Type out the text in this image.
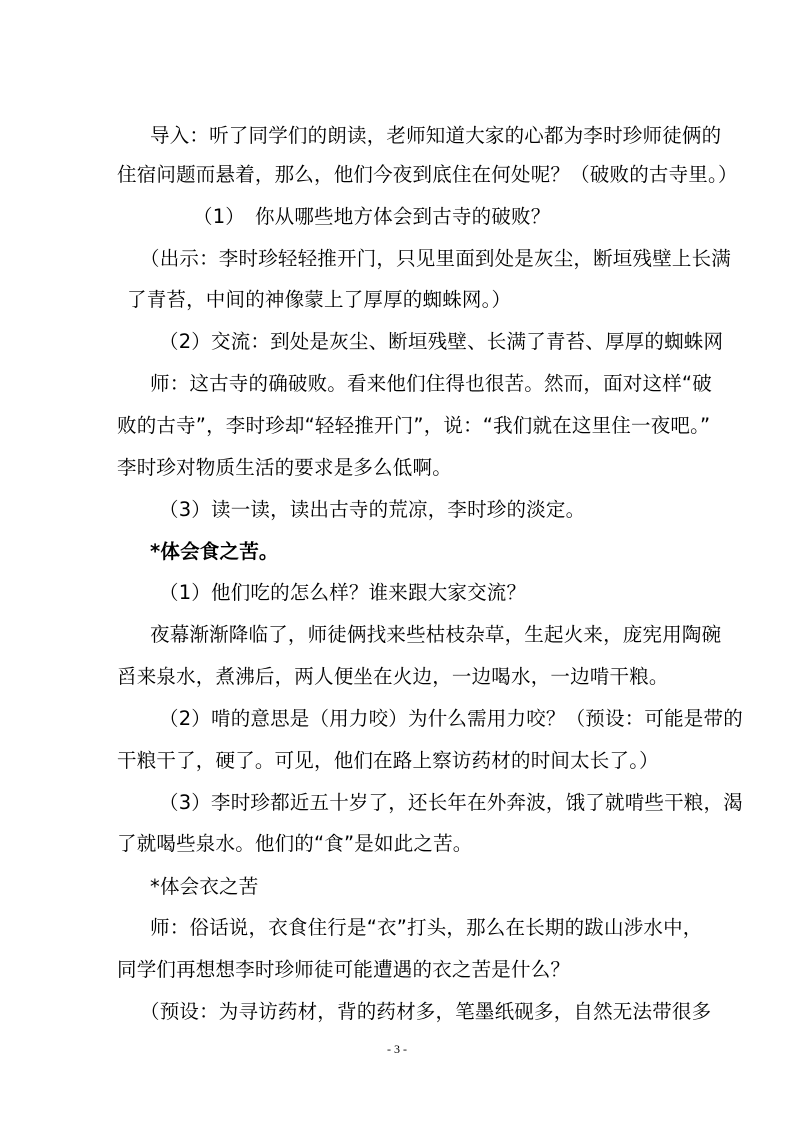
导入：听了同学们的朗读，老师知道大家的心都为李时珍师徒俩的
住宿问题而悬着，那么，他们今夜到底住在何处呢？（破败的古寺里。）
（1）　你从哪些地方体会到古寺的破败？
（出示：李时珍轻轻推开门，只见里面到处是灰尘，断垣残壁上长满
了青苔，中间的神像蒙上了厚厚的蜘蛛网。）
（2）交流：到处是灰尘、断垣残壁、长满了青苔、厚厚的蜘蛛网
师：这古寺的确破败。看来他们住得也很苦。然而，面对这样“破
败的古寺”，李时珍却“轻轻推开门”，说：“我们就在这里住一夜吧。”
李时珍对物质生活的要求是多么低啊。
（3）读一读，读出古寺的荒凉，李时珍的淡定。
*体会食之苦。
（1）他们吃的怎么样？谁来跟大家交流？
夜幕渐渐降临了，师徒俩找来些枯枝杂草，生起火来，庞宪用陶碗
舀来泉水，煮沸后，两人便坐在火边，一边喝水，一边啃干粮。
（2）啃的意思是（用力咬）为什么需用力咬？（预设：可能是带的
干粮干了，硬了。可见，他们在路上察访药材的时间太长了。）
（3）李时珍都近五十岁了，还长年在外奔波，饿了就啃些干粮，渴
了就喝些泉水。他们的“食”是如此之苦。
*体会衣之苦
师：俗话说，衣食住行是“衣”打头，那么在长期的跋山涉水中，
同学们再想想李时珍师徒可能遭遇的衣之苦是什么？
（预设：为寻访药材，背的药材多，笔墨纸砚多，自然无法带很多
- 3 -
